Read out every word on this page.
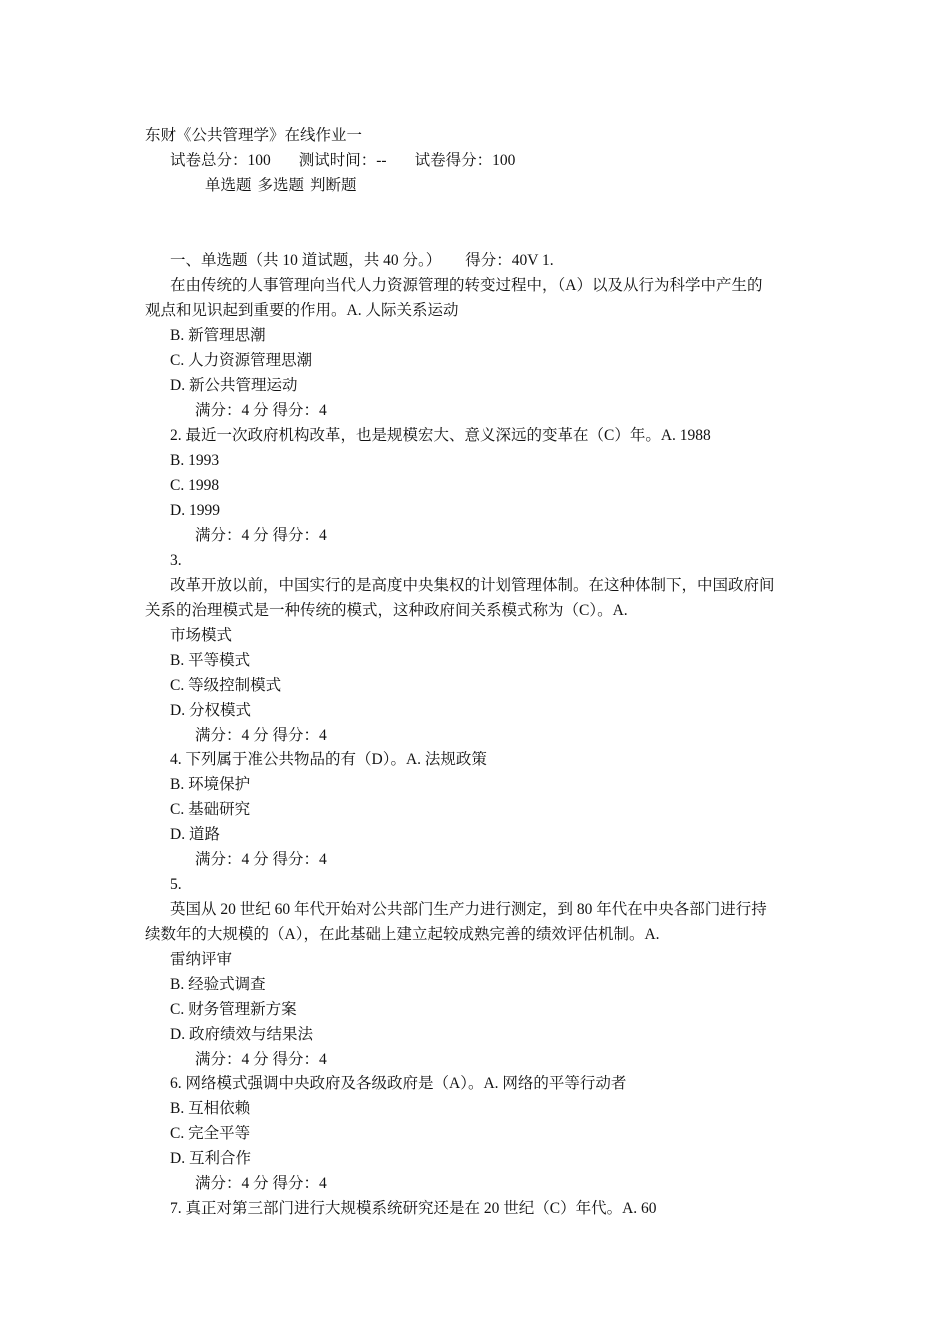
东财《公共管理学》在线作业一
试卷总分：100 测试时间：-- 试卷得分：100
单选题 多选题 判断题
一、单选题（共 10 道试题，共 40 分。） 得分：40V 1.
在由传统的人事管理向当代人力资源管理的转变过程中，（A）以及从行为科学中产生的
观点和见识起到重要的作用。A. 人际关系运动
B. 新管理思潮
C. 人力资源管理思潮
D. 新公共管理运动
满分：4 分 得分：4
2. 最近一次政府机构改革，也是规模宏大、意义深远的变革在（C）年。A. 1988
B. 1993
C. 1998
D. 1999
满分：4 分 得分：4
3.
改革开放以前，中国实行的是高度中央集权的计划管理体制。在这种体制下，中国政府间
关系的治理模式是一种传统的模式，这种政府间关系模式称为（C）。A.
市场模式
B. 平等模式
C. 等级控制模式
D. 分权模式
满分：4 分 得分：4
4. 下列属于准公共物品的有（D）。A. 法规政策
B. 环境保护
C. 基础研究
D. 道路
满分：4 分 得分：4
5.
英国从 20 世纪 60 年代开始对公共部门生产力进行测定，到 80 年代在中央各部门进行持
续数年的大规模的（A），在此基础上建立起较成熟完善的绩效评估机制。A.
雷纳评审
B. 经验式调查
C. 财务管理新方案
D. 政府绩效与结果法
满分：4 分 得分：4
6. 网络模式强调中央政府及各级政府是（A）。A. 网络的平等行动者
B. 互相依赖
C. 完全平等
D. 互利合作
满分：4 分 得分：4
7. 真正对第三部门进行大规模系统研究还是在 20 世纪（C）年代。A. 60
